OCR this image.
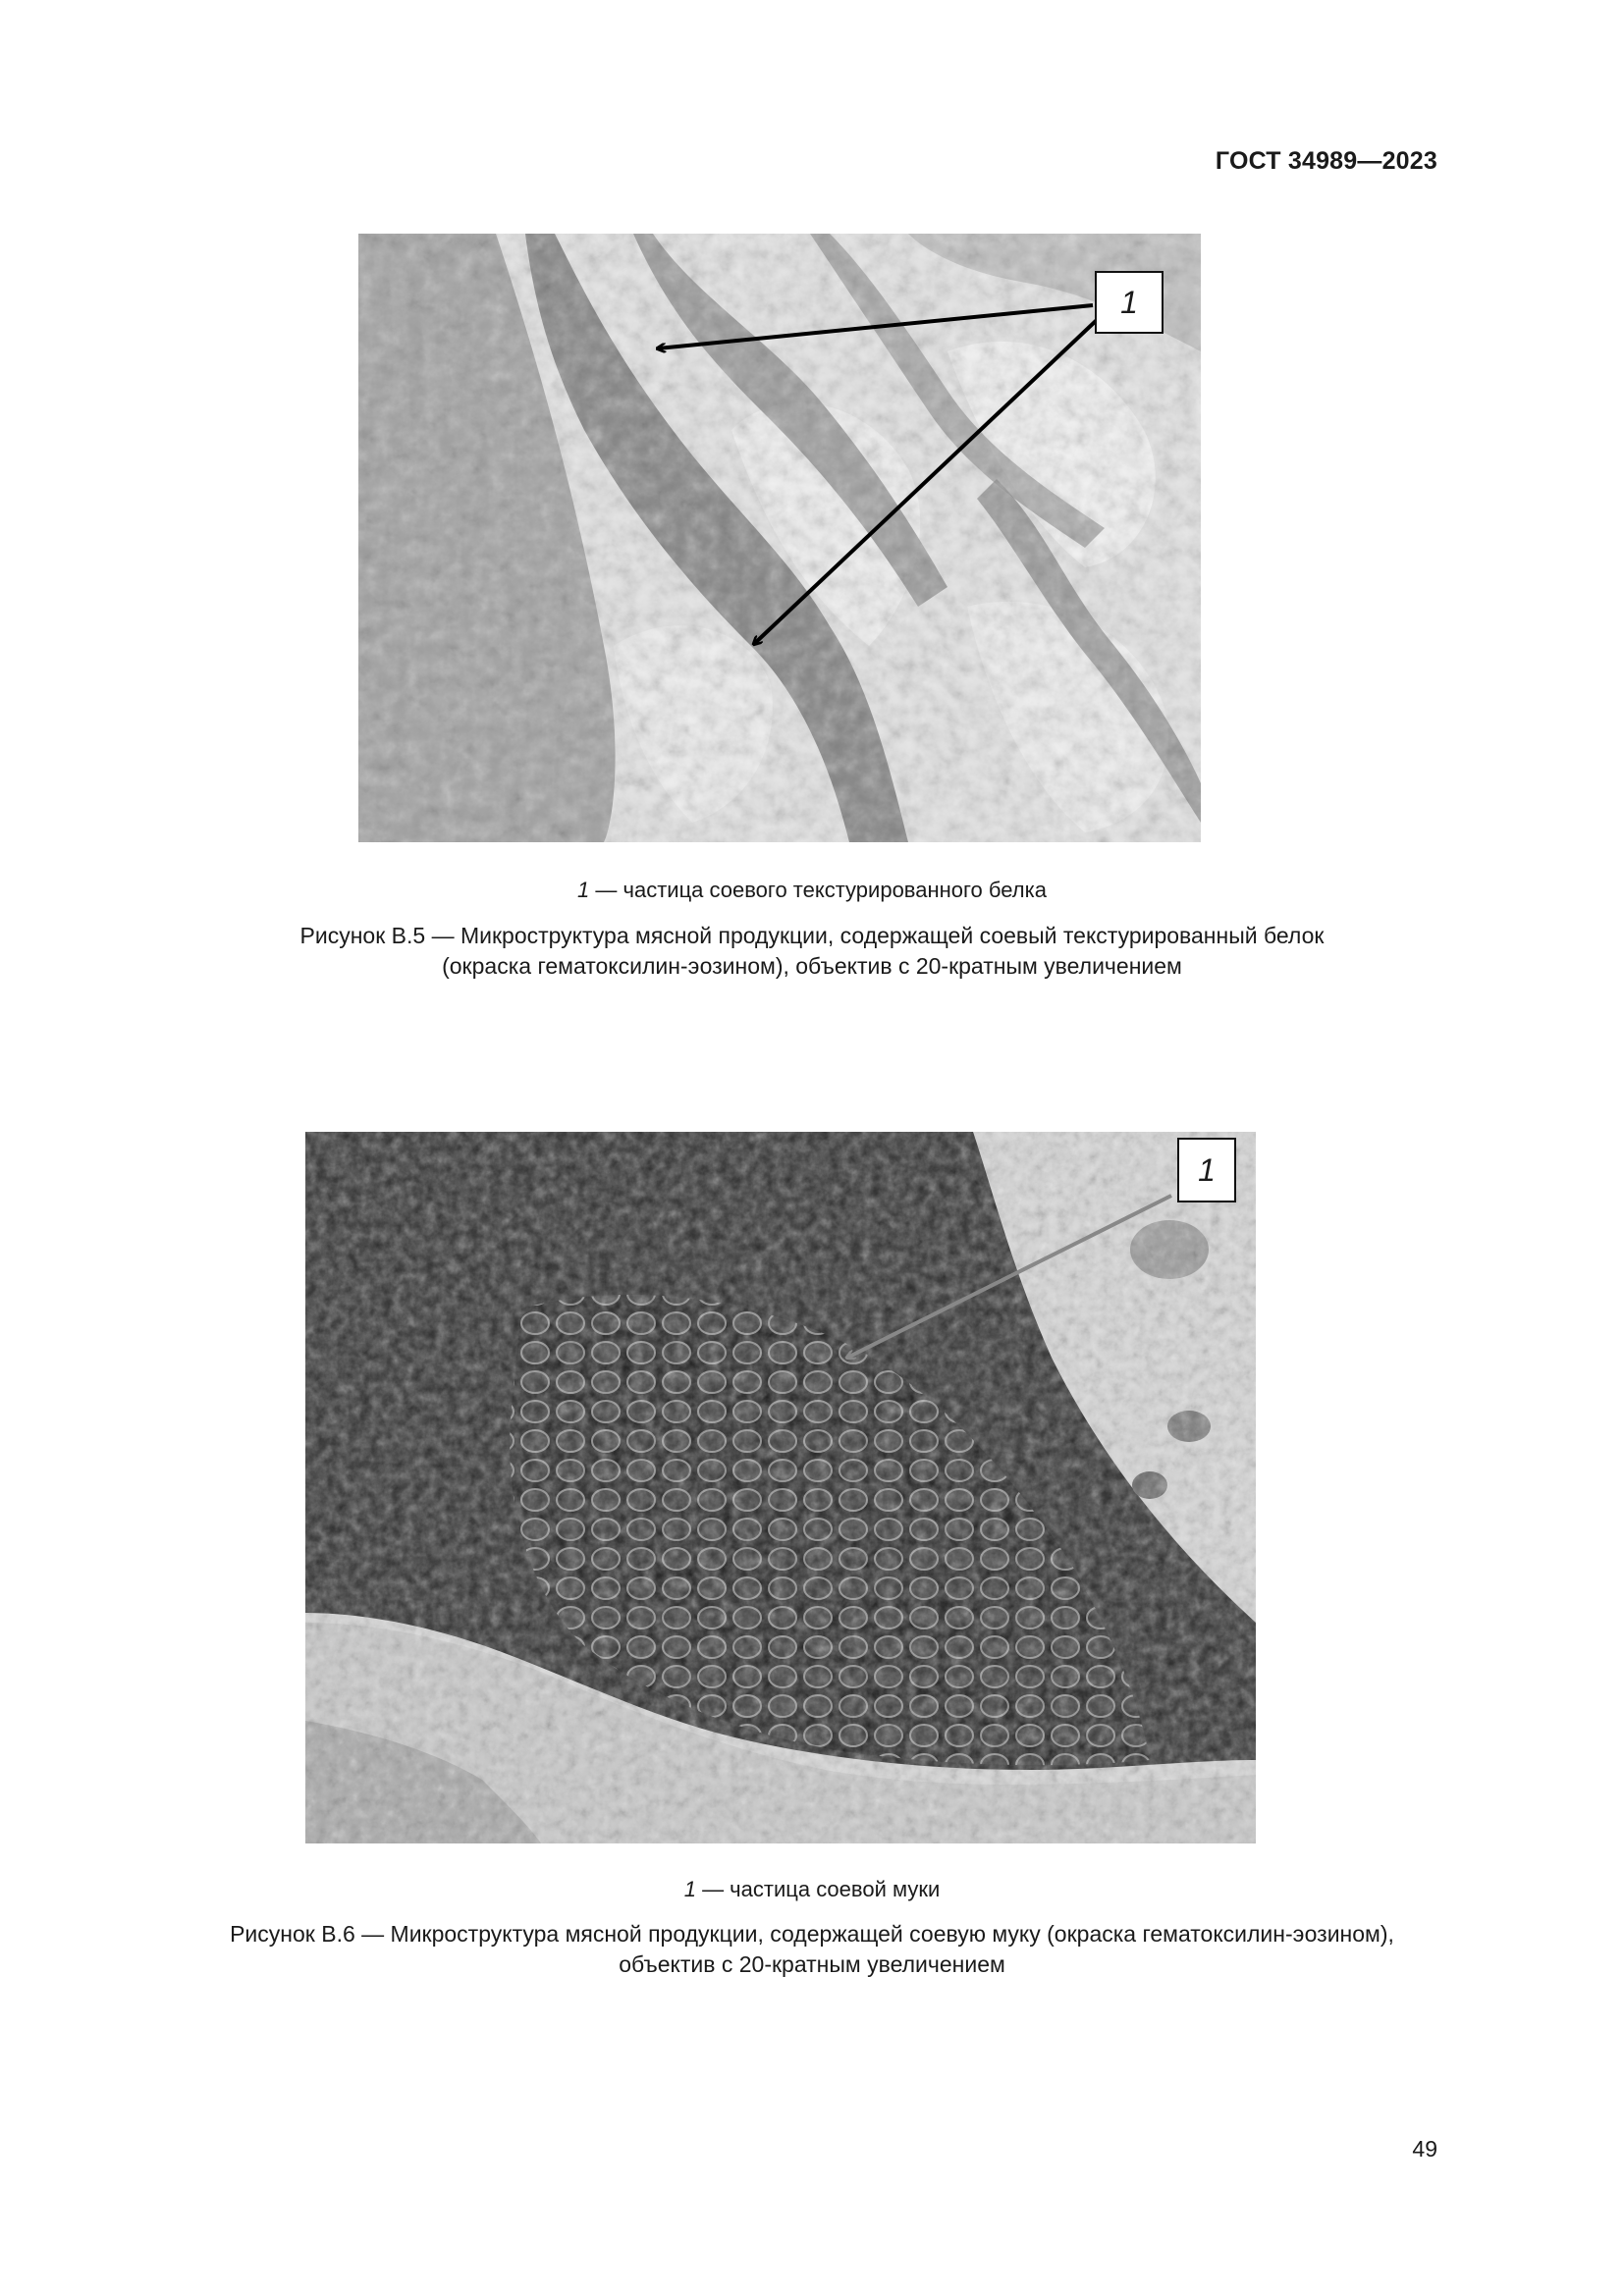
ГОСТ 34989—2023
1
1 — частица соевого текстурированного белка
Рисунок В.5 — Микроструктура мясной продукции, содержащей соевый текстурированный белок
(окраска гематоксилин-эозином), объектив с 20-кратным увеличением
1
1 — частица соевой муки
Рисунок В.6 — Микроструктура мясной продукции, содержащей соевую муку (окраска гематоксилин-эозином),
объектив с 20-кратным увеличением
49
